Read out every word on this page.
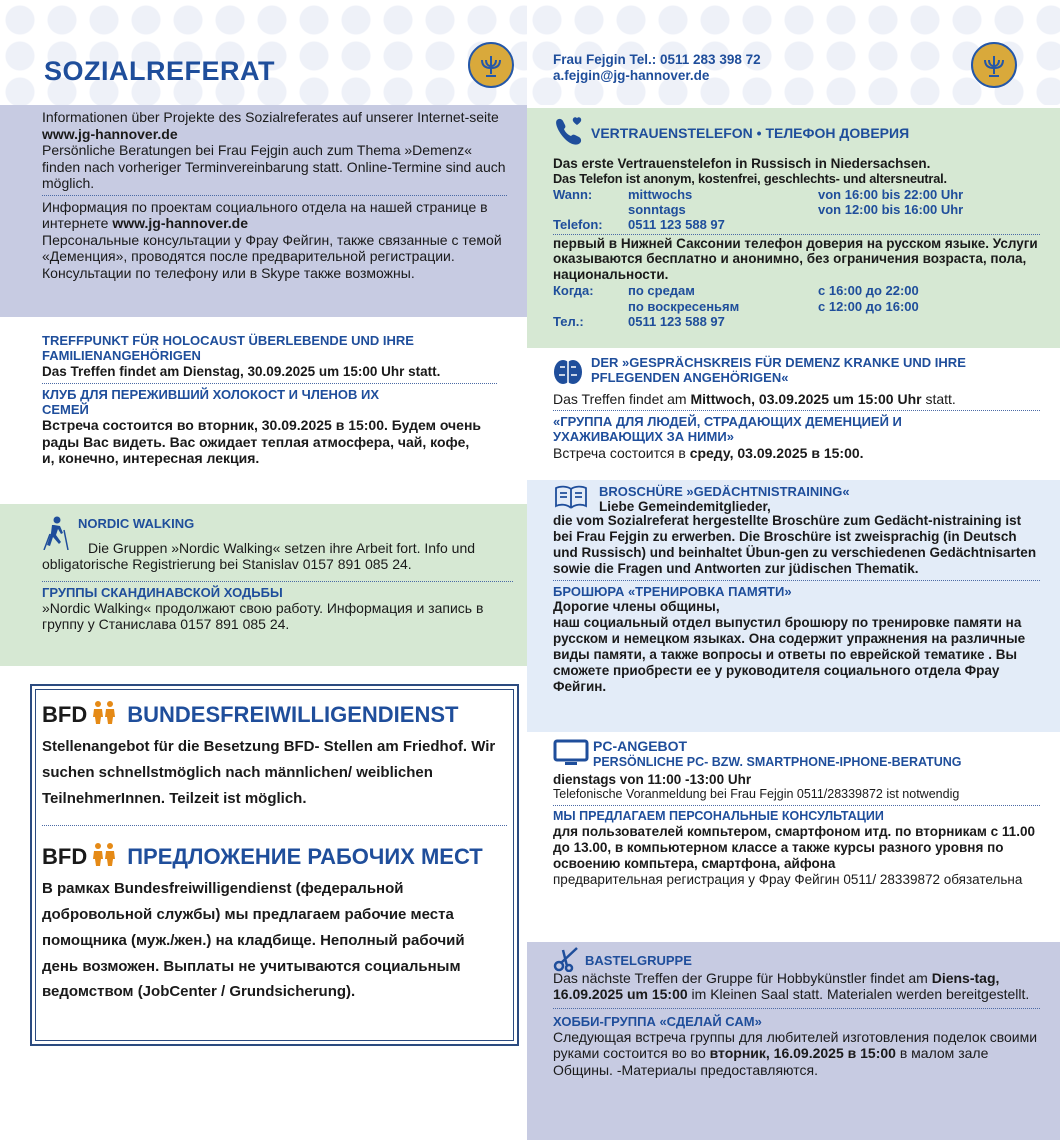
SOZIALREFERAT

Informationen über Projekte des Sozialreferates auf unserer Internet-seite www.jg-hannover.de

Persönliche Beratungen bei Frau Fejgin auch zum Thema »Demenz« finden nach vorheriger Terminvereinbarung statt. Online-Termine sind auch möglich.

Информация по проектам социального отдела на нашей странице в интернете www.jg-hannover.de

Персональные консультации у Фрау Фейгин, также связанные с темой «Деменция», проводятся после предварительной регистрации. Консультации по телефону или в Skype также возможны.

TREFFPUNKT FÜR HOLOCAUST ÜBERLEBENDE UND IHRE FAMILIENANGEHÖRIGEN

Das Treffen findet am Dienstag, 30.09.2025 um 15:00 Uhr statt.

КЛУБ ДЛЯ ПЕРЕЖИВШИЙ ХОЛОКОСТ И ЧЛЕНОВ ИХ СЕМЕЙ

Встреча состоится во вторник, 30.09.2025 в 15:00. Будем очень рады Вас видеть. Вас ожидает теплая атмосфера, чай, кофе, и, конечно, интересная лекция.

NORDIC WALKING

Die Gruppen »Nordic Walking« setzen ihre Arbeit fort. Info und obligatorische Registrierung bei Stanislav 0157 891 085 24.

ГРУППЫ СКАНДИНАВСКОЙ ХОДЬБЫ

»Nordic Walking« продолжают свою работу. Информация и запись в группу у Станислава 0157 891 085 24.

BFD BUNDESFREIWILLIGENDIENST

Stellenangebot für die Besetzung BFD- Stellen am Friedhof. Wir suchen schnellstmöglich nach männlichen/ weiblichen TeilnehmerInnen. Teilzeit ist möglich.

BFD ПРЕДЛОЖЕНИЕ РАБОЧИХ МЕСТ

В рамках Bundesfreiwilligendienst (федеральной добровольной службы) мы предлагаем рабочие места помощника (муж./жен.) на кладбище. Неполный рабочий день возможен. Выплаты не учитываются социальным ведомством (JobCenter / Grundsicherung).

Frau Fejgin Tel.: 0511 283 398 72
a.fejgin@jg-hannover.de
VERTRAUENSTELEFON • ТЕЛЕФОН ДОВЕРИЯ

Das erste Vertrauenstelefon in Russisch in Niedersachsen.

Das Telefon ist anonym, kostenfrei, geschlechts- und altersneutral.

Wann:	mittwochs	von 16:00 bis 22:00 Uhr
sonntags	von 12:00 bis 16:00 Uhr
Telefon:	0511 123 588 97

первый в Нижней Саксонии телефон доверия на русском языке. Услуги оказываются бесплатно и анонимно, без ограничения возраста, пола, национальности.

Когда:	по средам	с 16:00 до 22:00
по воскресеньям	с 12:00 до 16:00
Тел.:	0511 123 588 97
DER »GESPRÄCHSKREIS FÜR DEMENZ KRANKE UND IHRE PFLEGENDEN ANGEHÖRIGEN«

Das Treffen findet am Mittwoch, 03.09.2025 um 15:00 Uhr statt.

«ГРУППА ДЛЯ ЛЮДЕЙ, СТРАДАЮЩИХ ДЕМЕНЦИЕЙ И УХАЖИВАЮЩИХ ЗА НИМИ»

Встреча состоится в среду, 03.09.2025 в 15:00.

BROSCHÜRE »GEDÄCHTNISTRAINING«

Liebe Gemeindemitglieder,

die vom Sozialreferat hergestellte Broschüre zum Gedächt-nistraining ist bei Frau Fejgin zu erwerben. Die Broschüre ist zweisprachig (in Deutsch und Russisch) und beinhaltet Übun-gen zu verschiedenen Gedächtnisarten sowie die Fragen und Antworten zur jüdischen Thematik.

БРОШЮРА «ТРЕНИРОВКА ПАМЯТИ»

Дорогие члены общины,

наш социальный отдел выпустил брошюру по тренировке памяти на русском и немецком языках. Она содержит упражнения на различные виды памяти, а также вопросы и ответы по еврейской тематике . Вы сможете приобрести ее у руководителя социального отдела Фрау Фейгин.

PC-ANGEBOT
PERSÖNLICHE PC- BZW. SMARTPHONE-IPHONE-BERATUNG

dienstags von 11:00 -13:00 Uhr

Telefonische Voranmeldung bei Frau Fejgin 0511/28339872 ist notwendig

МЫ ПРЕДЛАГАЕМ ПЕРСОНАЛЬНЫЕ КОНСУЛЬТАЦИИ

для пользователей компьтером, смартфоном итд. по вторникам с 11.00 до 13.00, в компьютерном классе а также курсы разного уровня по освоению компьтера, смартфона, айфона

предварительная регистрация у Фрау Фейгин 0511/ 28339872 обязательна

BASTELGRUPPE

Das nächste Treffen der Gruppe für Hobbykünstler findet am Diens-tag, 16.09.2025 um 15:00 im Kleinen Saal statt. Materialen werden bereitgestellt.

ХОББИ-ГРУППА «СДЕЛАЙ САМ»

Следующая встреча группы для любителей изготовления поделок своими руками состоится во во вторник, 16.09.2025 в 15:00 в малом зале Общины. -Материалы предоставляются.
